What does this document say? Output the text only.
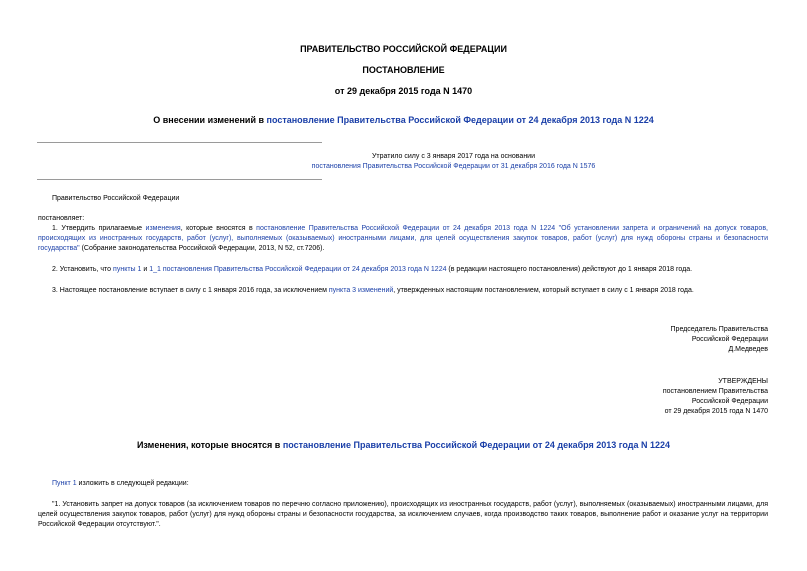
ПРАВИТЕЛЬСТВО РОССИЙСКОЙ ФЕДЕРАЦИИ
ПОСТАНОВЛЕНИЕ
от 29 декабря 2015 года N 1470
О внесении изменений в постановление Правительства Российской Федерации от 24 декабря 2013 года N 1224
Утратило силу с 3 января 2017 года на основании
постановления Правительства Российской Федерации от 31 декабря 2016 года N 1576
Правительство Российской Федерации
постановляет:
1. Утвердить прилагаемые изменения, которые вносятся в постановление Правительства Российской Федерации от 24 декабря 2013 года N 1224 "Об установлении запрета и ограничений на допуск товаров, происходящих из иностранных государств, работ (услуг), выполняемых (оказываемых) иностранными лицами, для целей осуществления закупок товаров, работ (услуг) для нужд обороны страны и безопасности государства" (Собрание законодательства Российской Федерации, 2013, N 52, ст.7206).
2. Установить, что пункты 1 и 1_1 постановления Правительства Российской Федерации от 24 декабря 2013 года N 1224 (в редакции настоящего постановления) действуют до 1 января 2018 года.
3. Настоящее постановление вступает в силу с 1 января 2016 года, за исключением пункта 3 изменений, утвержденных настоящим постановлением, который вступает в силу с 1 января 2018 года.
Председатель Правительства
Российской Федерации
Д.Медведев
УТВЕРЖДЕНЫ
постановлением Правительства
Российской Федерации
от 29 декабря 2015 года N 1470
Изменения, которые вносятся в постановление Правительства Российской Федерации от 24 декабря 2013 года N 1224
Пункт 1 изложить в следующей редакции:
"1. Установить запрет на допуск товаров (за исключением товаров по перечню согласно приложению), происходящих из иностранных государств, работ (услуг), выполняемых (оказываемых) иностранными лицами, для целей осуществления закупок товаров, работ (услуг) для нужд обороны страны и безопасности государства, за исключением случаев, когда производство таких товаров, выполнение работ и оказание услуг на территории Российской Федерации отсутствуют.".
